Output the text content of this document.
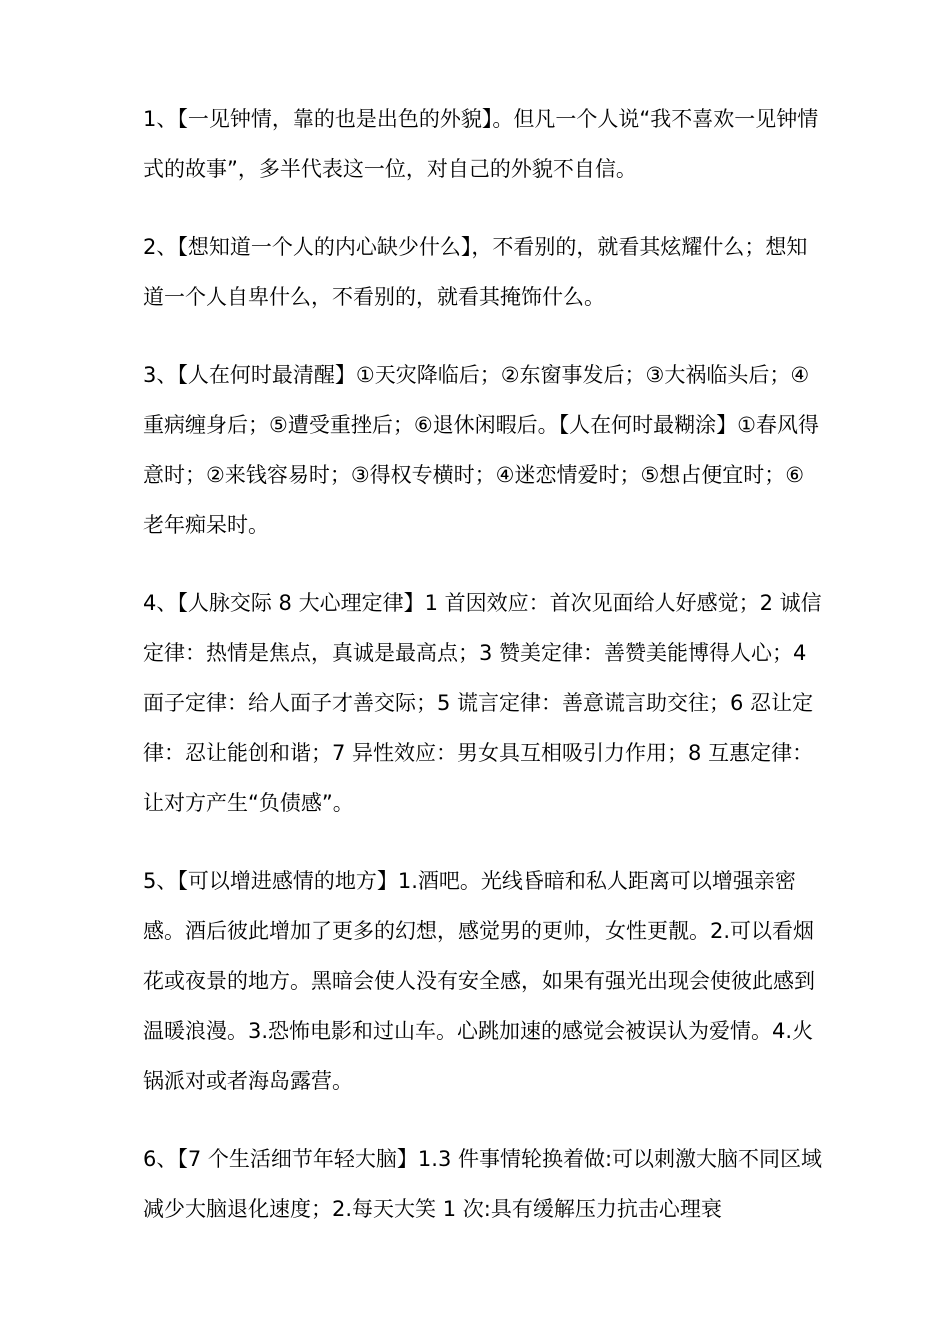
1、【一见钟情，靠的也是出色的外貌】。但凡一个人说“我不喜欢一见钟情式的故事”，多半代表这一位，对自己的外貌不自信。

2、【想知道一个人的内心缺少什么】，不看别的，就看其炫耀什么；想知道一个人自卑什么，不看别的，就看其掩饰什么。

3、【人在何时最清醒】①天灾降临后；②东窗事发后；③大祸临头后；④重病缠身后；⑤遭受重挫后；⑥退休闲暇后。【人在何时最糊涂】①春风得意时；②来钱容易时；③得权专横时；④迷恋情爱时；⑤想占便宜时；⑥老年痴呆时。

4、【人脉交际 8 大心理定律】1 首因效应：首次见面给人好感觉；2 诚信定律：热情是焦点，真诚是最高点；3 赞美定律：善赞美能博得人心；4 面子定律：给人面子才善交际；5 谎言定律：善意谎言助交往；6 忍让定律：忍让能创和谐；7 异性效应：男女具互相吸引力作用；8 互惠定律：让对方产生“负债感”。

5、【可以增进感情的地方】1.酒吧。光线昏暗和私人距离可以增强亲密感。酒后彼此增加了更多的幻想，感觉男的更帅，女性更靓。2.可以看烟花或夜景的地方。黑暗会使人没有安全感，如果有强光出现会使彼此感到温暖浪漫。3.恐怖电影和过山车。心跳加速的感觉会被误认为爱情。4.火锅派对或者海岛露营。

6、【7 个生活细节年轻大脑】1.3 件事情轮换着做:可以刺激大脑不同区域减少大脑退化速度；2.每天大笑 1 次:具有缓解压力抗击心理衰
